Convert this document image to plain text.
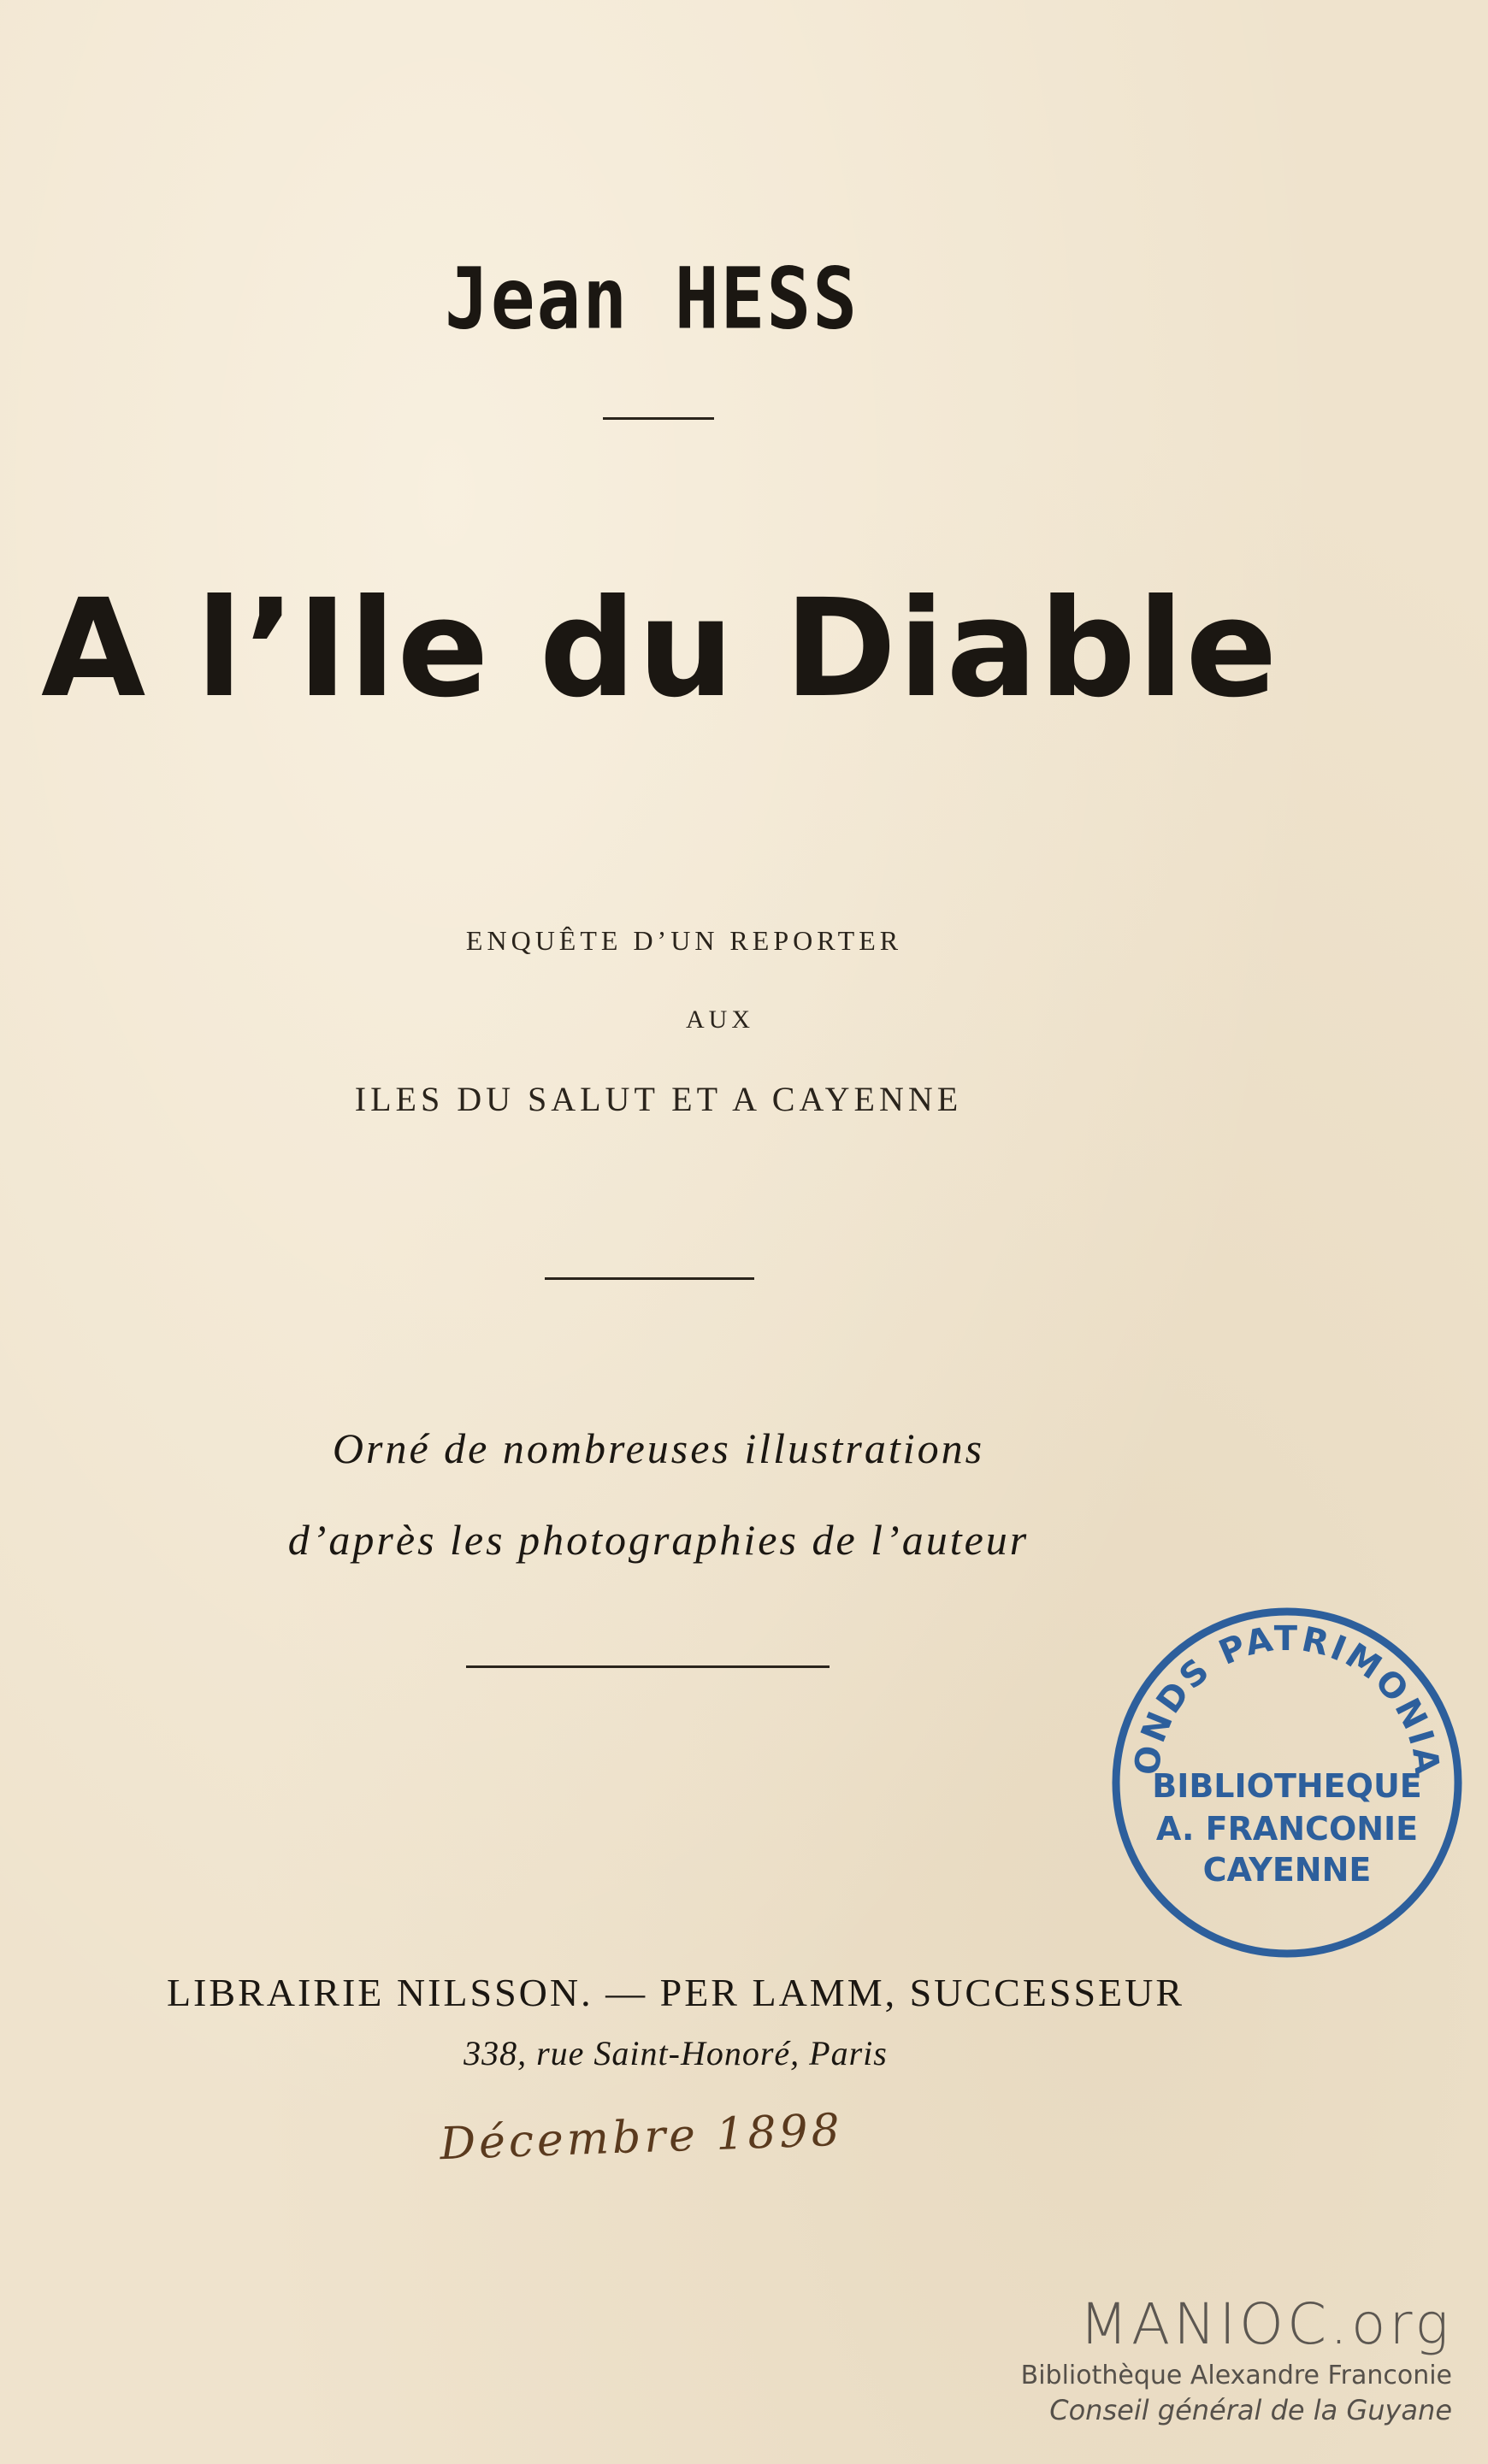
Jean HESS
A l’Ile du Diable
ENQUÊTE D’UN REPORTER
AUX
ILES DU SALUT ET A CAYENNE
Orné de nombreuses illustrations
d’après les photographies de l’auteur
ONDS PATRIMONIA
BIBLIOTHEQUE
A. FRANCONIE
CAYENNE
LIBRAIRIE NILSSON. — PER LAMM, SUCCESSEUR
338, rue Saint-Honoré, Paris
Décembre 1898
MANIOC.org
Bibliothèque Alexandre Franconie
Conseil général de la Guyane
